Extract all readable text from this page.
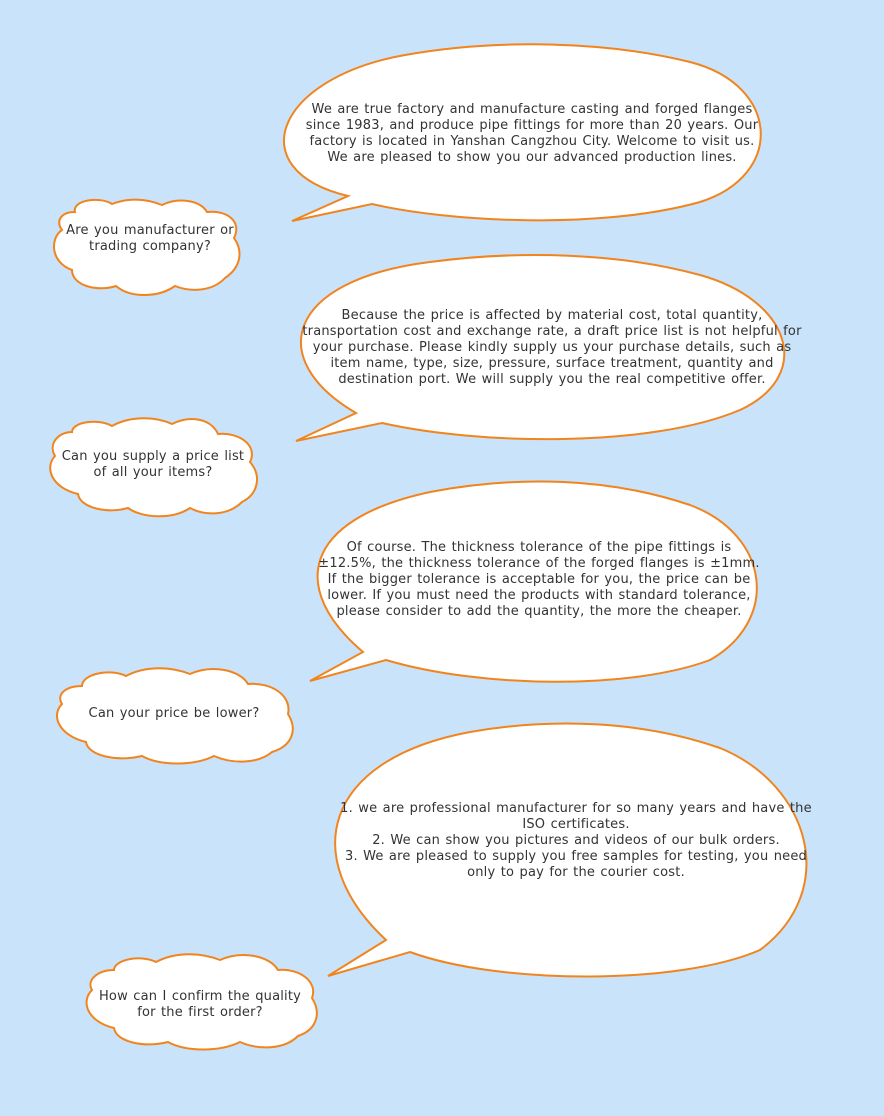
We are true factory and manufacture casting and forged flanges since 1983, and produce pipe fittings for more than 20 years. Our factory is located in Yanshan Cangzhou City. Welcome to visit us. We are pleased to show you our advanced production lines.
Because the price is affected by material cost, total quantity, transportation cost and exchange rate, a draft price list is not helpful for your purchase. Please kindly supply us your purchase details, such as item name, type, size, pressure, surface treatment, quantity and destination port. We will supply you the real competitive offer.
Of course. The thickness tolerance of the pipe fittings is ±12.5%, the thickness tolerance of the forged flanges is ±1mm. If the bigger tolerance is acceptable for you, the price can be lower. If you must need the products with standard tolerance, please consider to add the quantity, the more the cheaper.
1. we are professional manufacturer for so many years and have the ISO certificates.
2. We can show you pictures and videos of our bulk orders.
3. We are pleased to supply you free samples for testing, you need only to pay for the courier cost.
Are you manufacturer or trading company?
Can you supply a price list of all your items?
Can your price be lower?
How can I confirm the quality for the first order?
